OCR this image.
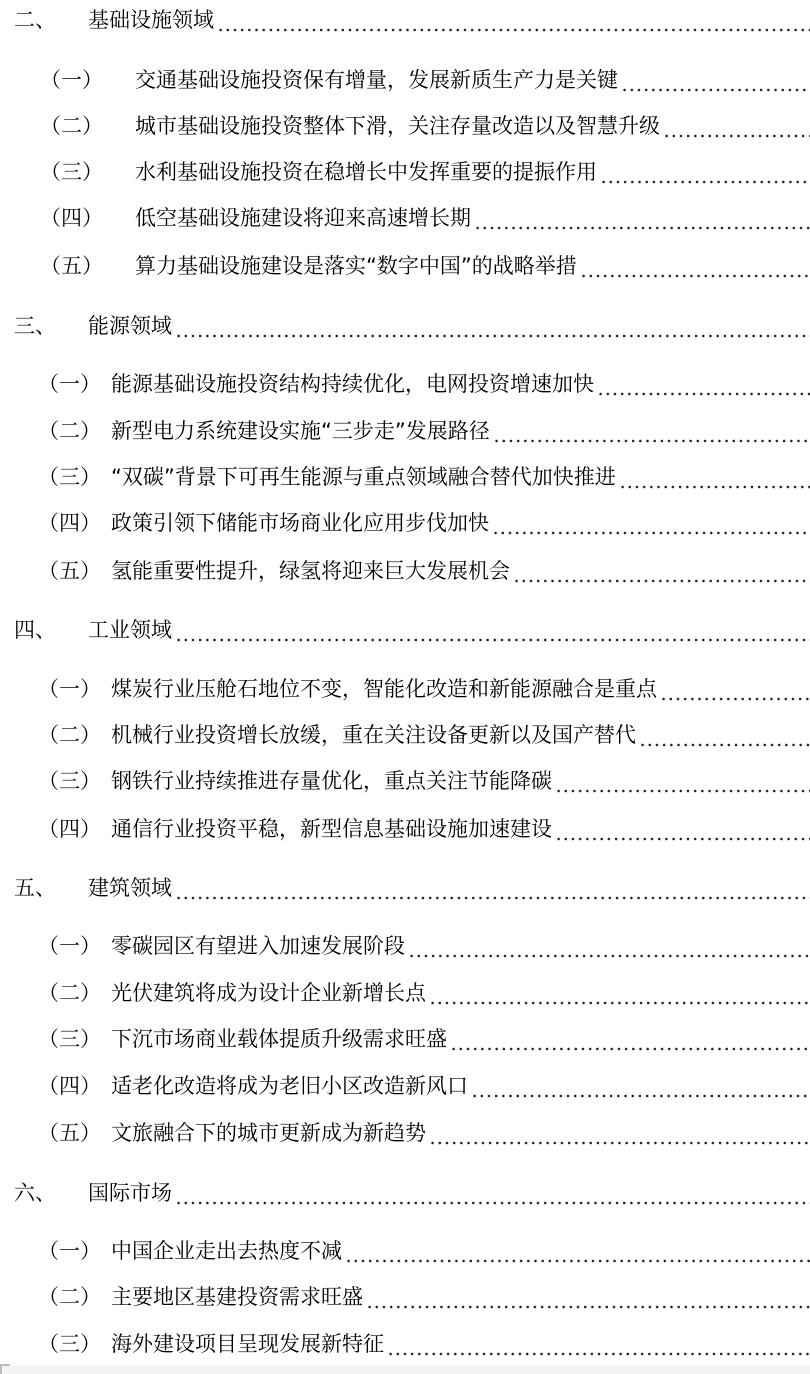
二、	基础设施领域
（一）	交通基础设施投资保有增量，发展新质生产力是关键
（二）	城市基础设施投资整体下滑，关注存量改造以及智慧升级
（三）	水利基础设施投资在稳增长中发挥重要的提振作用
（四）	低空基础设施建设将迎来高速增长期
（五）	算力基础设施建设是落实“数字中国”的战略举措
三、	能源领域
（一） 能源基础设施投资结构持续优化，电网投资增速加快
（二） 新型电力系统建设实施“三步走”发展路径
（三） “双碳”背景下可再生能源与重点领域融合替代加快推进
（四） 政策引领下储能市场商业化应用步伐加快
（五） 氢能重要性提升，绿氢将迎来巨大发展机会
四、	工业领域
（一） 煤炭行业压舱石地位不变，智能化改造和新能源融合是重点
（二） 机械行业投资增长放缓，重在关注设备更新以及国产替代
（三） 钢铁行业持续推进存量优化，重点关注节能降碳
（四） 通信行业投资平稳，新型信息基础设施加速建设
五、	建筑领域
（一） 零碳园区有望进入加速发展阶段
（二） 光伏建筑将成为设计企业新增长点
（三） 下沉市场商业载体提质升级需求旺盛
（四） 适老化改造将成为老旧小区改造新风口
（五） 文旅融合下的城市更新成为新趋势
六、	国际市场
（一） 中国企业走出去热度不减
（二） 主要地区基建投资需求旺盛
（三） 海外建设项目呈现发展新特征
